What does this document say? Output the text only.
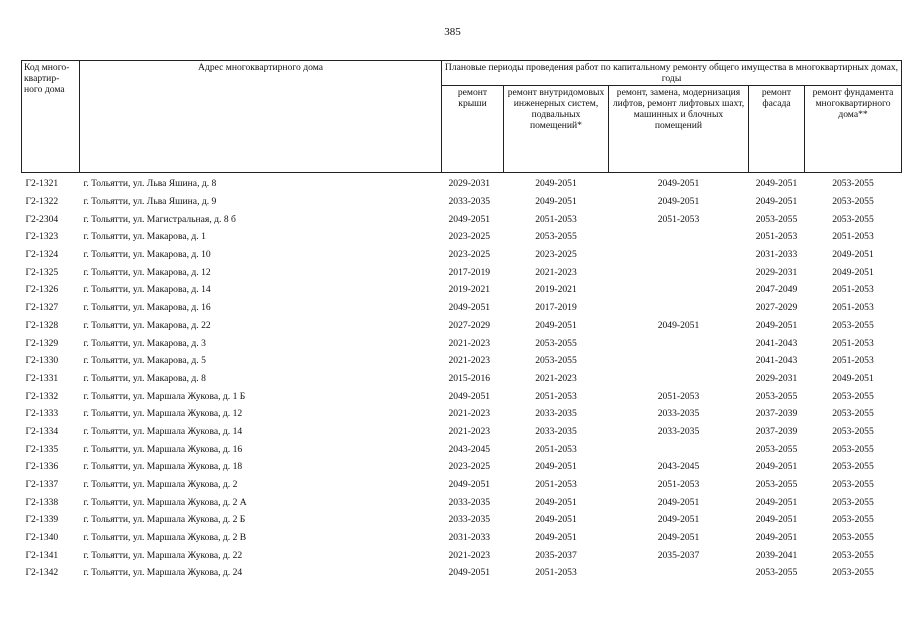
385
Код много-квартир-ного дома	Адрес многоквартирного дома	Плановые периоды проведения работ по капитальному ремонту общего имущества в многоквартирных домах, годы				
		ремонт крыши	ремонт внутридомовых инженерных систем, подвальных помещений*	ремонт, замена, модернизация лифтов, ремонт лифтовых шахт, машинных и блочных помещений	ремонт фасада	ремонт фундамента многоквартирного дома**
Г2-1321	г. Тольятти, ул. Льва Яшина, д. 8	2029-2031	2049-2051	2049-2051	2049-2051	2053-2055
Г2-1322	г. Тольятти, ул. Льва Яшина, д. 9	2033-2035	2049-2051	2049-2051	2049-2051	2053-2055
Г2-2304	г. Тольятти, ул. Магистральная, д. 8 б	2049-2051	2051-2053	2051-2053	2053-2055	2053-2055
Г2-1323	г. Тольятти, ул. Макарова, д. 1	2023-2025	2053-2055		2051-2053	2051-2053
Г2-1324	г. Тольятти, ул. Макарова, д. 10	2023-2025	2023-2025		2031-2033	2049-2051
Г2-1325	г. Тольятти, ул. Макарова, д. 12	2017-2019	2021-2023		2029-2031	2049-2051
Г2-1326	г. Тольятти, ул. Макарова, д. 14	2019-2021	2019-2021		2047-2049	2051-2053
Г2-1327	г. Тольятти, ул. Макарова, д. 16	2049-2051	2017-2019		2027-2029	2051-2053
Г2-1328	г. Тольятти, ул. Макарова, д. 22	2027-2029	2049-2051	2049-2051	2049-2051	2053-2055
Г2-1329	г. Тольятти, ул. Макарова, д. 3	2021-2023	2053-2055		2041-2043	2051-2053
Г2-1330	г. Тольятти, ул. Макарова, д. 5	2021-2023	2053-2055		2041-2043	2051-2053
Г2-1331	г. Тольятти, ул. Макарова, д. 8	2015-2016	2021-2023		2029-2031	2049-2051
Г2-1332	г. Тольятти, ул. Маршала Жукова, д. 1 Б	2049-2051	2051-2053	2051-2053	2053-2055	2053-2055
Г2-1333	г. Тольятти, ул. Маршала Жукова, д. 12	2021-2023	2033-2035	2033-2035	2037-2039	2053-2055
Г2-1334	г. Тольятти, ул. Маршала Жукова, д. 14	2021-2023	2033-2035	2033-2035	2037-2039	2053-2055
Г2-1335	г. Тольятти, ул. Маршала Жукова, д. 16	2043-2045	2051-2053		2053-2055	2053-2055
Г2-1336	г. Тольятти, ул. Маршала Жукова, д. 18	2023-2025	2049-2051	2043-2045	2049-2051	2053-2055
Г2-1337	г. Тольятти, ул. Маршала Жукова, д. 2	2049-2051	2051-2053	2051-2053	2053-2055	2053-2055
Г2-1338	г. Тольятти, ул. Маршала Жукова, д. 2 А	2033-2035	2049-2051	2049-2051	2049-2051	2053-2055
Г2-1339	г. Тольятти, ул. Маршала Жукова, д. 2 Б	2033-2035	2049-2051	2049-2051	2049-2051	2053-2055
Г2-1340	г. Тольятти, ул. Маршала Жукова, д. 2 В	2031-2033	2049-2051	2049-2051	2049-2051	2053-2055
Г2-1341	г. Тольятти, ул. Маршала Жукова, д. 22	2021-2023	2035-2037	2035-2037	2039-2041	2053-2055
Г2-1342	г. Тольятти, ул. Маршала Жукова, д. 24	2049-2051	2051-2053		2053-2055	2053-2055
